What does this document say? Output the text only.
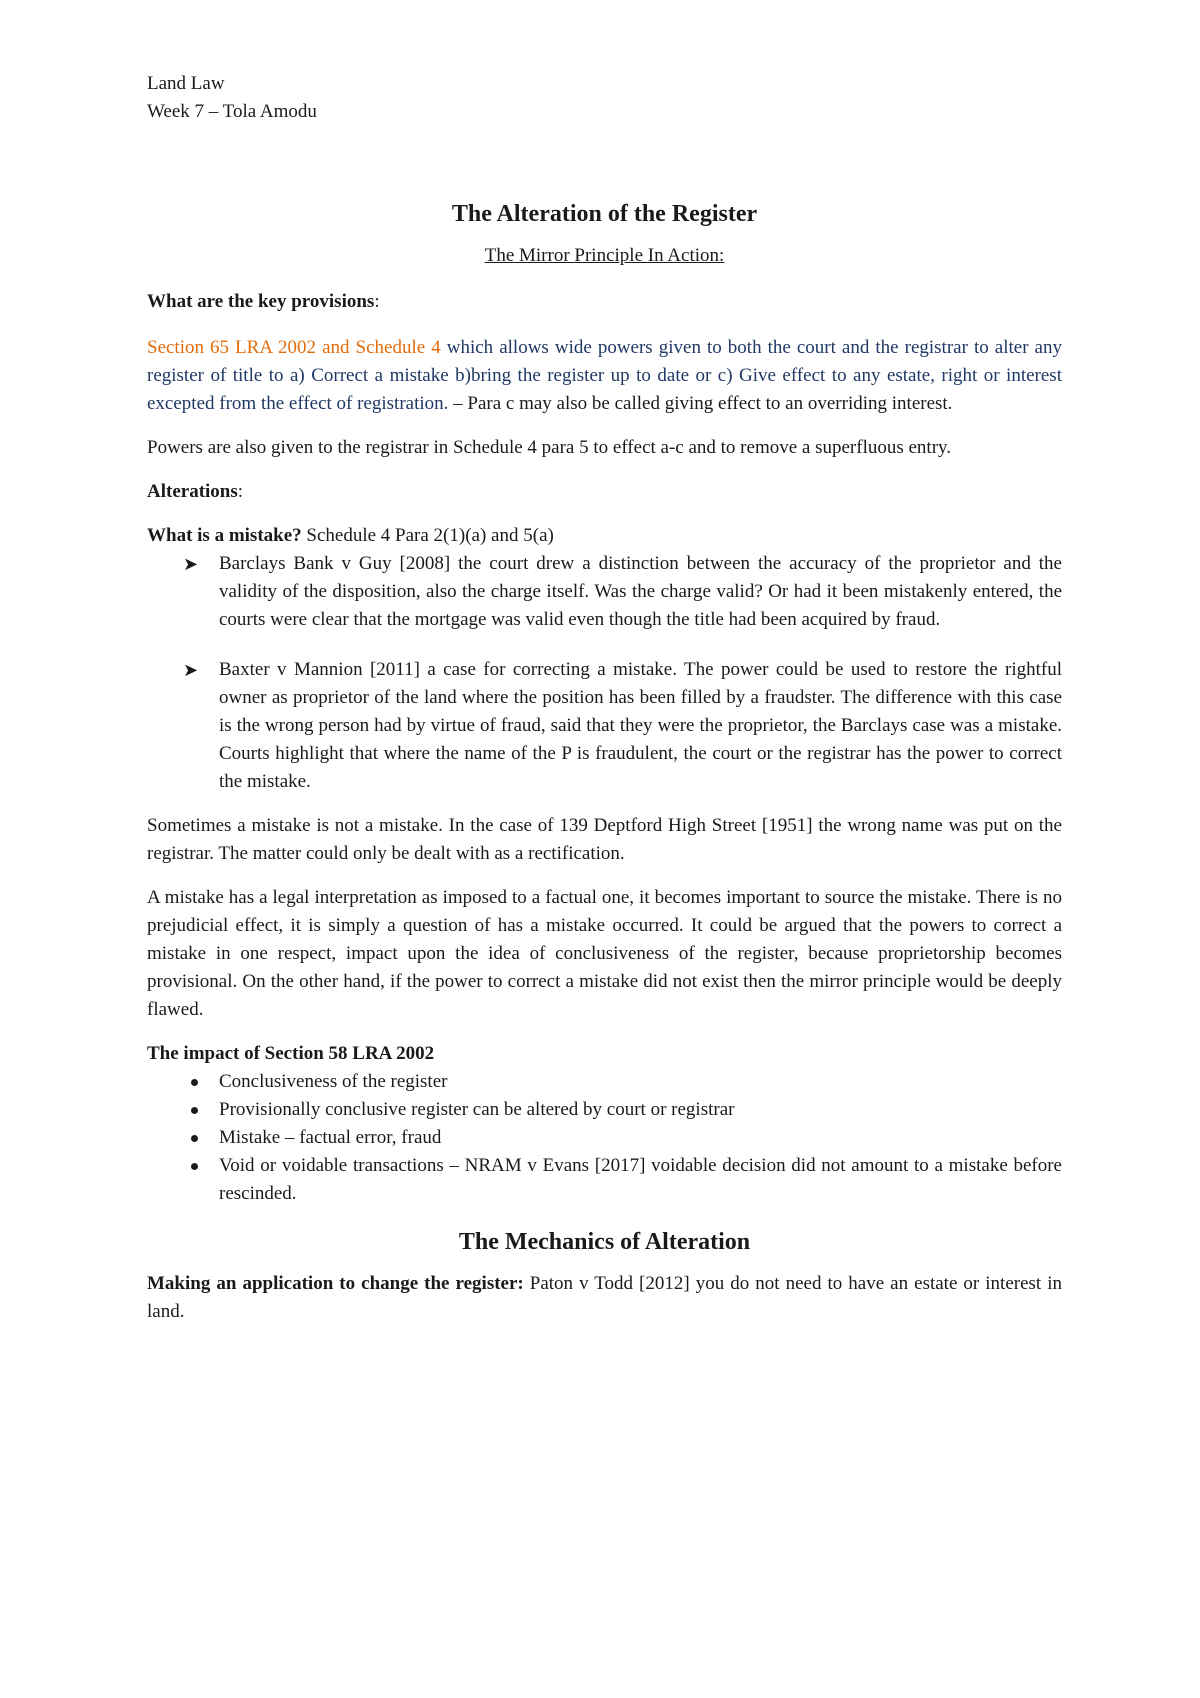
Land Law

Week 7 – Tola Amodu

The Alteration of the Register

The Mirror Principle In Action:

What are the key provisions:

Section 65 LRA 2002 and Schedule 4 which allows wide powers given to both the court and the registrar to alter any register of title to a) Correct a mistake b)bring the register up to date or c) Give effect to any estate, right or interest excepted from the effect of registration. – Para c may also be called giving effect to an overriding interest.

Powers are also given to the registrar in Schedule 4 para 5 to effect a-c and to remove a superfluous entry.

Alterations:

What is a mistake? Schedule 4 Para 2(1)(a) and 5(a)

➤ Barclays Bank v Guy [2008] the court drew a distinction between the accuracy of the proprietor and the validity of the disposition, also the charge itself. Was the charge valid? Or had it been mistakenly entered, the courts were clear that the mortgage was valid even though the title had been acquired by fraud.
➤ Baxter v Mannion [2011] a case for correcting a mistake. The power could be used to restore the rightful owner as proprietor of the land where the position has been filled by a fraudster. The difference with this case is the wrong person had by virtue of fraud, said that they were the proprietor, the Barclays case was a mistake. Courts highlight that where the name of the P is fraudulent, the court or the registrar has the power to correct the mistake.

Sometimes a mistake is not a mistake. In the case of 139 Deptford High Street [1951] the wrong name was put on the registrar. The matter could only be dealt with as a rectification.

A mistake has a legal interpretation as imposed to a factual one, it becomes important to source the mistake. There is no prejudicial effect, it is simply a question of has a mistake occurred. It could be argued that the powers to correct a mistake in one respect, impact upon the idea of conclusiveness of the register, because proprietorship becomes provisional. On the other hand, if the power to correct a mistake did not exist then the mirror principle would be deeply flawed.

The impact of Section 58 LRA 2002

Conclusiveness of the register
Provisionally conclusive register can be altered by court or registrar
Mistake – factual error, fraud
Void or voidable transactions – NRAM v Evans [2017] voidable decision did not amount to a mistake before rescinded.

The Mechanics of Alteration

Making an application to change the register: Paton v Todd [2012] you do not need to have an estate or interest in land.
